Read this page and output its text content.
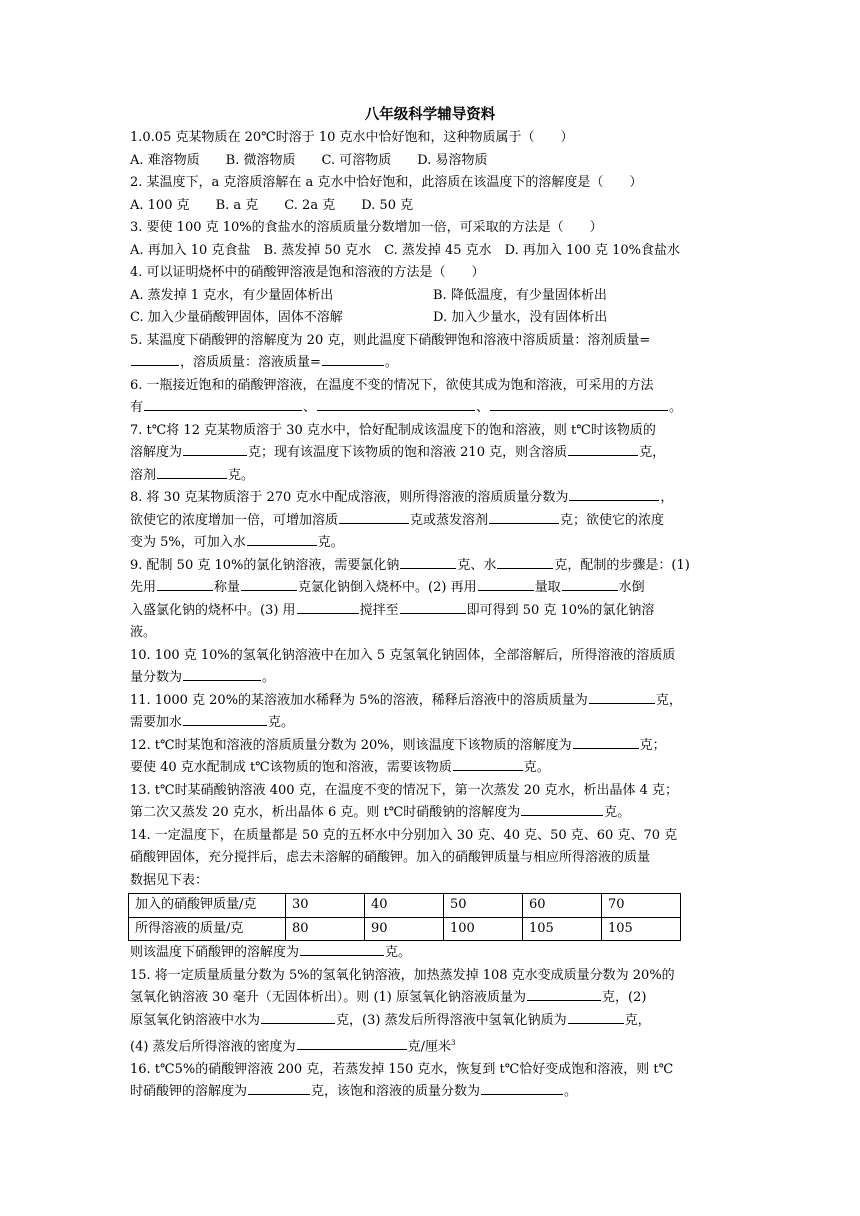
八年级科学辅导资料
1.0.05 克某物质在 20℃时溶于 10 克水中恰好饱和，这种物质属于（　　）
A. 难溶物质　　B. 微溶物质　　C. 可溶物质　　D. 易溶物质
2. 某温度下，a 克溶质溶解在 a 克水中恰好饱和，此溶质在该温度下的溶解度是（　　）
A. 100 克　　B. a 克　　C. 2a 克　　D. 50 克
3. 要使 100 克 10%的食盐水的溶质质量分数增加一倍，可采取的方法是（　　）
A. 再加入 10 克食盐　B. 蒸发掉 50 克水　C. 蒸发掉 45 克水　D. 再加入 100 克 10%食盐水
4. 可以证明烧杯中的硝酸钾溶液是饱和溶液的方法是（　　）
A. 蒸发掉 1 克水，有少量固体析出	B. 降低温度，有少量固体析出
C. 加入少量硝酸钾固体，固体不溶解	D. 加入少量水，没有固体析出
5. 某温度下硝酸钾的溶解度为 20 克，则此温度下硝酸钾饱和溶液中溶质质量：溶剂质量=
，溶质质量：溶液质量=	。
6. 一瓶接近饱和的硝酸钾溶液，在温度不变的情况下，欲使其成为饱和溶液，可采用的方法
有	、	、	。
7. t℃将 12 克某物质溶于 30 克水中，恰好配制成该温度下的饱和溶液，则 t℃时该物质的
溶解度为	克；现有该温度下该物质的饱和溶液 210 克，则含溶质	克，
溶剂	克。
8. 将 30 克某物质溶于 270 克水中配成溶液，则所得溶液的溶质质量分数为	，
欲使它的浓度增加一倍，可增加溶质	克或蒸发溶剂	克；欲使它的浓度
变为 5%，可加入水	克。
9. 配制 50 克 10%的氯化钠溶液，需要氯化钠	克、水	克，配制的步骤是：(1)
先用	称量	克氯化钠倒入烧杯中。(2) 再用	量取	水倒
入盛氯化钠的烧杯中。(3) 用	搅拌至	即可得到 50 克 10%的氯化钠溶
液。
10. 100 克 10%的氢氧化钠溶液中在加入 5 克氢氧化钠固体，全部溶解后，所得溶液的溶质质
量分数为	。
11. 1000 克 20%的某溶液加水稀释为 5%的溶液，稀释后溶液中的溶质质量为	克，
需要加水	克。
12. t℃时某饱和溶液的溶质质量分数为 20%，则该温度下该物质的溶解度为	克；
要使 40 克水配制成 t℃该物质的饱和溶液，需要该物质	克。
13. t℃时某硝酸钠溶液 400 克，在温度不变的情况下，第一次蒸发 20 克水，析出晶体 4 克；
第二次又蒸发 20 克水，析出晶体 6 克。则 t℃时硝酸钠的溶解度为	克。
14. 一定温度下，在质量都是 50 克的五杯水中分别加入 30 克、40 克、50 克、60 克、70 克
硝酸钾固体，充分搅拌后，虑去未溶解的硝酸钾。加入的硝酸钾质量与相应所得溶液的质量
数据见下表：
加入的硝酸钾质量/克	30	40	50	60	70
所得溶液的质量/克	80	90	100	105	105
则该温度下硝酸钾的溶解度为	克。
15. 将一定质量质量分数为 5%的氢氧化钠溶液，加热蒸发掉 108 克水变成质量分数为 20%的
氢氧化钠溶液 30 毫升（无固体析出）。则 (1) 原氢氧化钠溶液质量为	克，(2)
原氢氧化钠溶液中水为	克，(3) 蒸发后所得溶液中氢氧化钠质为	克，
(4) 蒸发后所得溶液的密度为	克/厘米$^3$
16. t℃5%的硝酸钾溶液 200 克，若蒸发掉 150 克水，恢复到 t℃恰好变成饱和溶液，则 t℃
时硝酸钾的溶解度为	克，该饱和溶液的质量分数为	。
